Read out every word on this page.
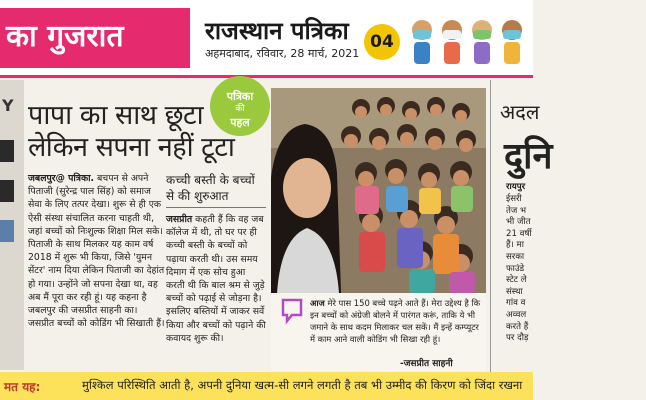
का गुजरात	राजस्थान पत्रिका
अहमदाबाद, रविवार, 28 मार्च, 2021
04
Y पापा का साथ छूटा
लेकिन सपना नहीं टूटा
पत्रिका
की
पहल
जबलपुर@ पत्रिका. बचपन से अपने पिताजी (सुरेन्द्र पाल सिंह) को समाज सेवा के लिए तत्पर देखा। शुरू से ही एक ऐसी संस्था संचालित करना चाहती थी, जहां बच्चों को निःशुल्क शिक्षा मिल सके। पिताजी के साथ मिलकर यह काम वर्ष 2018 में शुरू भी किया, जिसे 'युमन सेंटर' नाम दिया लेकिन पिताजी का देहांत हो गया। उन्होंने जो सपना देखा था, वह अब मैं पूरा कर रही हूं। यह कहना है जबलपुर की जसप्रीत साहनी का। जसप्रीत बच्चों को कोडिंग भी सिखाती हैं।
कच्ची बस्ती के बच्चों से की शुरुआत
जसप्रीत कहती हैं कि वह जब कॉलेज में थी, तो घर पर ही कच्ची बस्ती के बच्चों को पढ़ाया करती थी। उस समय दिमाग में एक सोच हुआ करती थी कि बाल श्रम से जुड़े बच्चों को पढ़ाई से जोड़ना है। इसलिए बस्तियों में जाकर सर्वे किया और बच्चों को पढ़ाने की कवायद शुरू की।
आज मेरे पास 150 बच्चे पढ़ने आते हैं। मेरा उद्देश्य है कि इन बच्चों को अंग्रेजी बोलने में पारंगत करूं, ताकि ये भी जमाने के साथ कदम मिलाकर चल सकें। मैं इन्हें कम्प्यूटर में काम आने वाली कोडिंग भी सिखा रही हूं।
-जसप्रीत साहनी
अदल
दुनि
रायपुर
ईसरी
तेज भ
भी जीत
21 वर्षी
हैं। मा
सरका
फाउंडे
स्टेट ले
संस्था
गांव व
अव्वल
करते हैं
पर दौड़
मत यह:	मुश्किल परिस्थिति आती है, अपनी दुनिया खत्म-सी लगने लगती है तब भी उम्मीद की किरण को जिंदा रखना
